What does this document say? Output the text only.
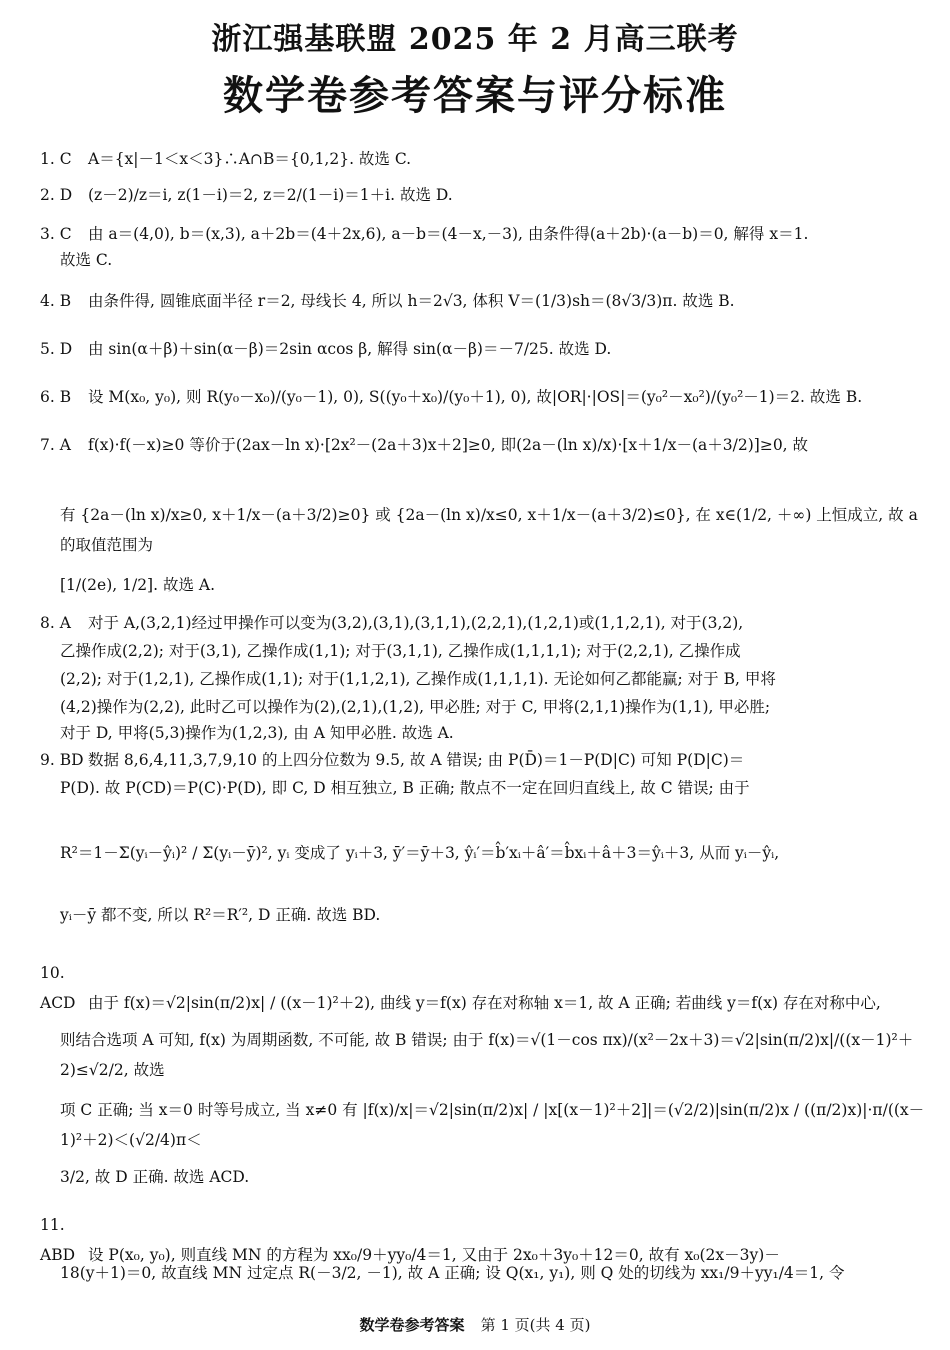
浙江强基联盟 2025 年 2 月高三联考
数学卷参考答案与评分标准
1. C A＝{x|－1＜x＜3}∴A∩B＝{0,1,2}. 故选 C.
2. D (z－2)/z＝i, z(1－i)＝2, z＝2/(1－i)＝1＋i. 故选 D.
3. C 由 a＝(4,0), b＝(x,3), a＋2b＝(4＋2x,6), a－b＝(4－x,－3), 由条件得(a＋2b)·(a－b)＝0, 解得 x＝1.
故选 C.
4. B 由条件得, 圆锥底面半径 r＝2, 母线长 4, 所以 h＝2√3, 体积 V＝(1/3)sh＝(8√3/3)π. 故选 B.
5. D 由 sin(α＋β)＋sin(α－β)＝2sin αcos β, 解得 sin(α－β)＝－7/25. 故选 D.
6. B 设 M(x₀, y₀), 则 R(y₀－x₀)/(y₀－1), 0), S((y₀＋x₀)/(y₀＋1), 0), 故|OR|·|OS|＝(y₀²－x₀²)/(y₀²－1)＝2. 故选 B.
7. A f(x)·f(－x)≥0 等价于(2ax－ln x)·[2x²－(2a＋3)x＋2]≥0, 即(2a－(ln x)/x)·[x＋1/x－(a＋3/2)]≥0, 故
有 {2a－(ln x)/x≥0, x＋1/x－(a＋3/2)≥0} 或 {2a－(ln x)/x≤0, x＋1/x－(a＋3/2)≤0}, 在 x∈(1/2, ＋∞) 上恒成立, 故 a 的取值范围为
[1/(2e), 1/2]. 故选 A.
8. A 对于 A,(3,2,1)经过甲操作可以变为(3,2),(3,1),(3,1,1),(2,2,1),(1,2,1)或(1,1,2,1), 对于(3,2),
乙操作成(2,2); 对于(3,1), 乙操作成(1,1); 对于(3,1,1), 乙操作成(1,1,1,1); 对于(2,2,1), 乙操作成
(2,2); 对于(1,2,1), 乙操作成(1,1); 对于(1,1,2,1), 乙操作成(1,1,1,1). 无论如何乙都能赢; 对于 B, 甲将
(4,2)操作为(2,2), 此时乙可以操作为(2),(2,1),(1,2), 甲必胜; 对于 C, 甲将(2,1,1)操作为(1,1), 甲必胜;
对于 D, 甲将(5,3)操作为(1,2,3), 由 A 知甲必胜. 故选 A.
9. BD 数据 8,6,4,11,3,7,9,10 的上四分位数为 9.5, 故 A 错误; 由 P(D̄)＝1－P(D|C) 可知 P(D|C)＝
P(D). 故 P(CD)＝P(C)·P(D), 即 C, D 相互独立, B 正确; 散点不一定在回归直线上, 故 C 错误; 由于
R²＝1－Σ(yᵢ－ŷᵢ)² / Σ(yᵢ－ȳ)², yᵢ 变成了 yᵢ＋3, ȳ′＝ȳ＋3, ŷᵢ′＝b̂′xᵢ＋â′＝b̂xᵢ＋â＋3＝ŷᵢ＋3, 从而 yᵢ－ŷᵢ,
yᵢ－ȳ 都不变, 所以 R²＝R′², D 正确. 故选 BD.
10. ACD 由于 f(x)＝√2|sin(π/2)x| / ((x－1)²＋2), 曲线 y＝f(x) 存在对称轴 x＝1, 故 A 正确; 若曲线 y＝f(x) 存在对称中心,
则结合选项 A 可知, f(x) 为周期函数, 不可能, 故 B 错误; 由于 f(x)＝√(1－cos πx)/(x²－2x＋3)＝√2|sin(π/2)x|/((x－1)²＋2)≤√2/2, 故选
项 C 正确; 当 x＝0 时等号成立, 当 x≠0 有 |f(x)/x|＝√2|sin(π/2)x| / |x[(x－1)²＋2]|＝(√2/2)|sin(π/2)x / ((π/2)x)|·π/((x－1)²＋2)＜(√2/4)π＜
3/2, 故 D 正确. 故选 ACD.
11. ABD 设 P(x₀, y₀), 则直线 MN 的方程为 xx₀/9＋yy₀/4＝1, 又由于 2x₀＋3y₀＋12＝0, 故有 x₀(2x－3y)－
18(y＋1)＝0, 故直线 MN 过定点 R(－3/2, －1), 故 A 正确; 设 Q(x₁, y₁), 则 Q 处的切线为 xx₁/9＋yy₁/4＝1, 令
数学卷参考答案 第 1 页(共 4 页)
